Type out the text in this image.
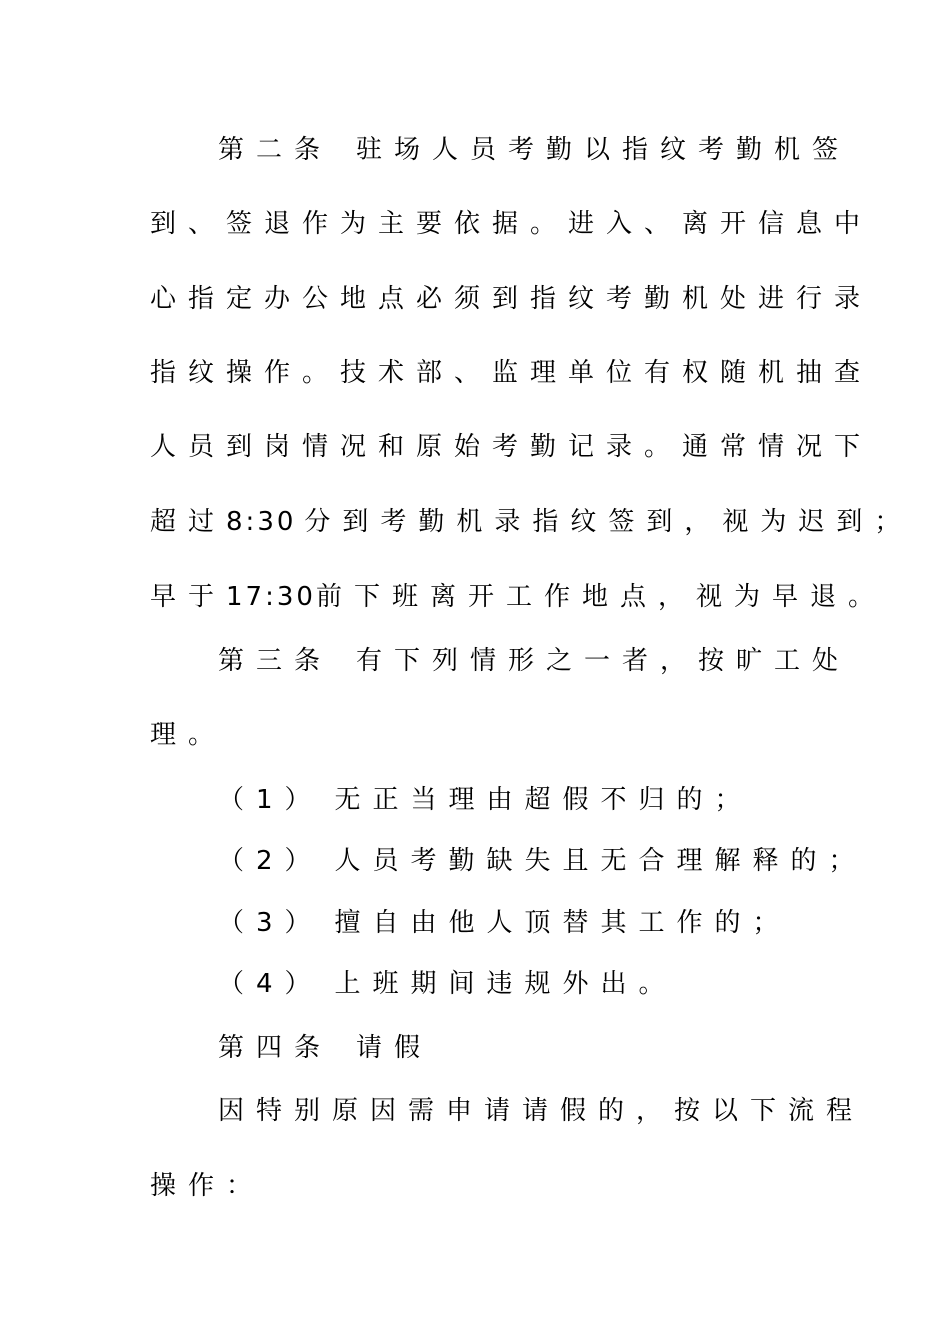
第二条 驻场人员考勤以指纹考勤机签
到、签退作为主要依据。进入、离开信息中
心指定办公地点必须到指纹考勤机处进行录
指纹操作。技术部、监理单位有权随机抽查
人员到岗情况和原始考勤记录。通常情况下
超过8:30 分到考勤机录指纹签到，视为迟到；
早于17:30前下班离开工作地点，视为早退。
第三条 有下列情形之一者，按旷工处
理。
（1） 无正当理由超假不归的；
（2） 人员考勤缺失且无合理解释的；
（3） 擅自由他人顶替其工作的；
（4） 上班期间违规外出。
第四条 请假
因特别原因需申请请假的，按以下流程
操作：
